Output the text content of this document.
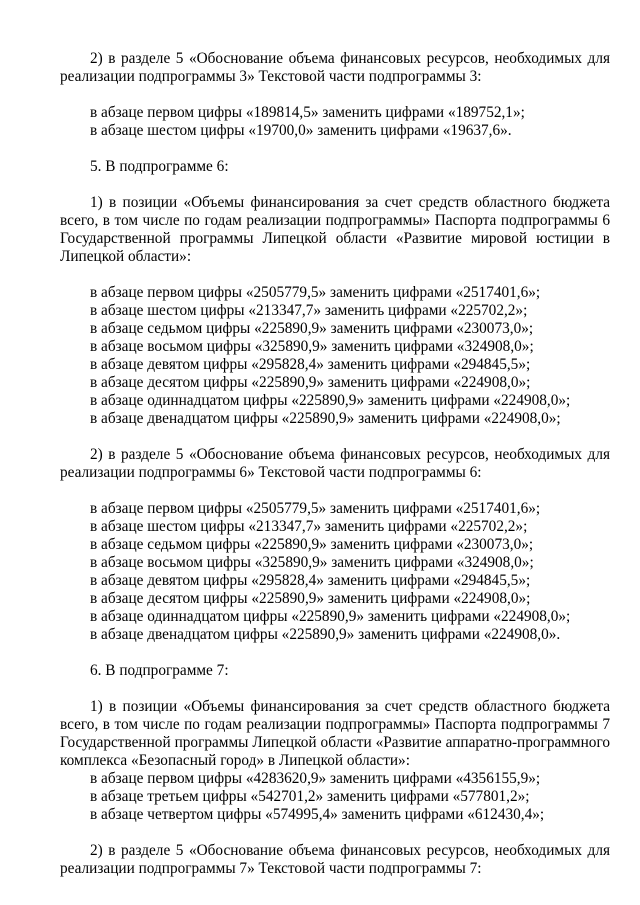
2) в разделе 5 «Обоснование объема финансовых ресурсов, необходимых для
реализации подпрограммы 3» Текстовой части подпрограммы 3:
в абзаце первом цифры «189814,5» заменить цифрами «189752,1»;
в абзаце шестом цифры «19700,0» заменить цифрами «19637,6».
5. В подпрограмме 6:
1) в позиции «Объемы финансирования за счет средств областного бюджета
всего, в том числе по годам реализации подпрограммы» Паспорта подпрограммы 6
Государственной программы Липецкой области «Развитие мировой юстиции в
Липецкой области»:
в абзаце первом цифры «2505779,5» заменить цифрами «2517401,6»;
в абзаце шестом цифры «213347,7» заменить цифрами «225702,2»;
в абзаце седьмом цифры «225890,9» заменить цифрами «230073,0»;
в абзаце восьмом цифры «325890,9» заменить цифрами «324908,0»;
в абзаце девятом цифры «295828,4» заменить цифрами «294845,5»;
в абзаце десятом цифры «225890,9» заменить цифрами «224908,0»;
в абзаце одиннадцатом цифры «225890,9» заменить цифрами «224908,0»;
в абзаце двенадцатом цифры «225890,9» заменить цифрами «224908,0»;
2) в разделе 5 «Обоснование объема финансовых ресурсов, необходимых для
реализации подпрограммы 6» Текстовой части подпрограммы 6:
в абзаце первом цифры «2505779,5» заменить цифрами «2517401,6»;
в абзаце шестом цифры «213347,7» заменить цифрами «225702,2»;
в абзаце седьмом цифры «225890,9» заменить цифрами «230073,0»;
в абзаце восьмом цифры «325890,9» заменить цифрами «324908,0»;
в абзаце девятом цифры «295828,4» заменить цифрами «294845,5»;
в абзаце десятом цифры «225890,9» заменить цифрами «224908,0»;
в абзаце одиннадцатом цифры «225890,9» заменить цифрами «224908,0»;
в абзаце двенадцатом цифры «225890,9» заменить цифрами «224908,0».
6. В подпрограмме 7:
1) в позиции «Объемы финансирования за счет средств областного бюджета
всего, в том числе по годам реализации подпрограммы» Паспорта подпрограммы 7
Государственной программы Липецкой области «Развитие аппаратно-программного
комплекса «Безопасный город» в Липецкой области»:
в абзаце первом цифры «4283620,9» заменить цифрами «4356155,9»;
в абзаце третьем цифры «542701,2» заменить цифрами «577801,2»;
в абзаце четвертом цифры «574995,4» заменить цифрами «612430,4»;
2) в разделе 5 «Обоснование объема финансовых ресурсов, необходимых для
реализации подпрограммы 7» Текстовой части подпрограммы 7:
